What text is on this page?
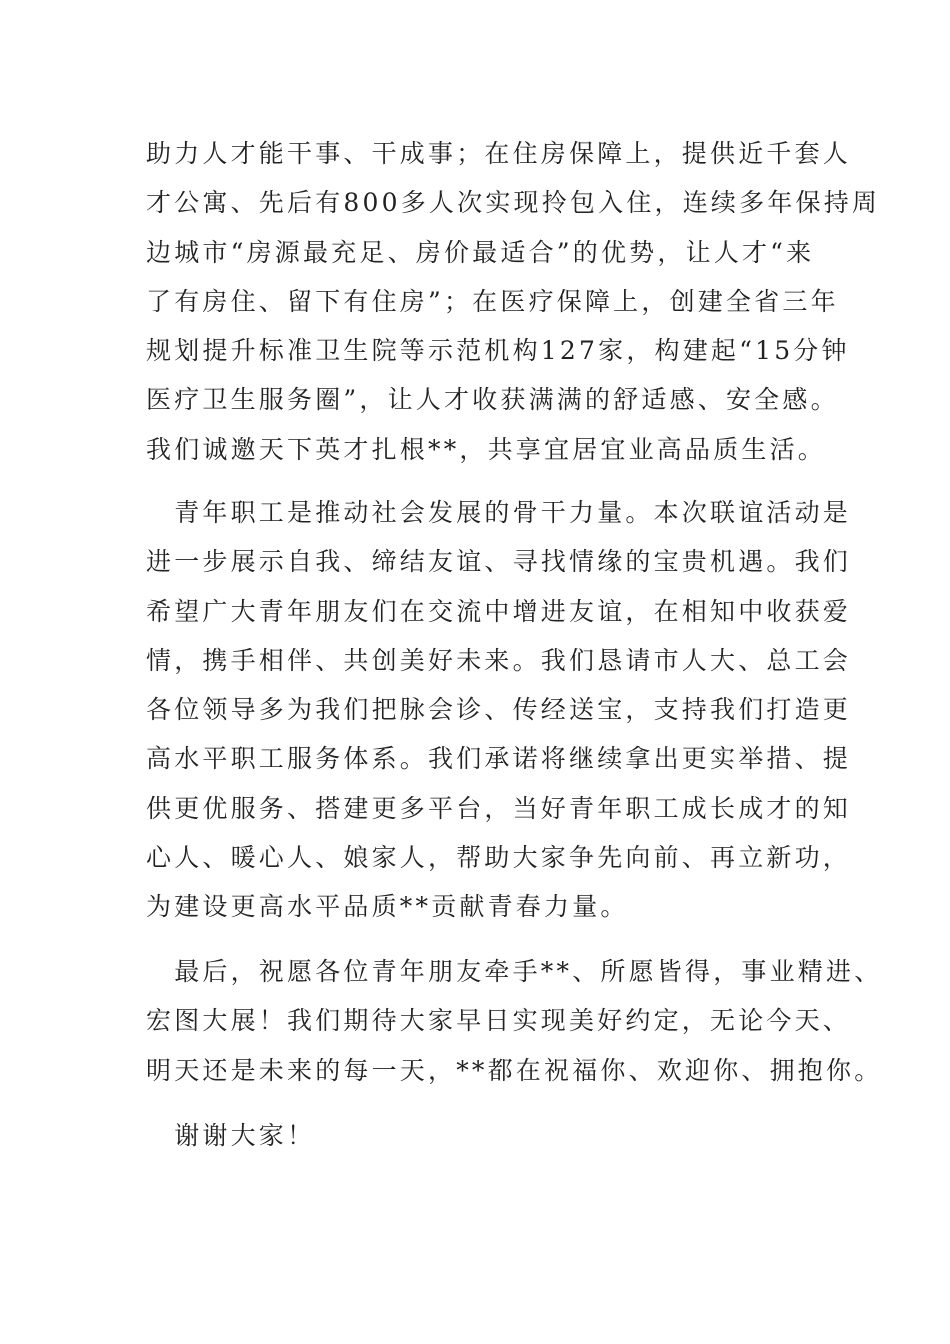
助力人才能干事、干成事；在住房保障上，提供近千套人
才公寓、先后有800多人次实现拎包入住，连续多年保持周
边城市“房源最充足、房价最适合”的优势，让人才“来
了有房住、留下有住房”；在医疗保障上，创建全省三年
规划提升标准卫生院等示范机构127家，构建起“15分钟
医疗卫生服务圈”，让人才收获满满的舒适感、安全感。
我们诚邀天下英才扎根**，共享宜居宜业高品质生活。
　青年职工是推动社会发展的骨干力量。本次联谊活动是
进一步展示自我、缔结友谊、寻找情缘的宝贵机遇。我们
希望广大青年朋友们在交流中增进友谊，在相知中收获爱
情，携手相伴、共创美好未来。我们恳请市人大、总工会
各位领导多为我们把脉会诊、传经送宝，支持我们打造更
高水平职工服务体系。我们承诺将继续拿出更实举措、提
供更优服务、搭建更多平台，当好青年职工成长成才的知
心人、暖心人、娘家人，帮助大家争先向前、再立新功，
为建设更高水平品质**贡献青春力量。
　最后，祝愿各位青年朋友牵手**、所愿皆得，事业精进、
宏图大展！我们期待大家早日实现美好约定，无论今天、
明天还是未来的每一天，**都在祝福你、欢迎你、拥抱你。
　谢谢大家！
